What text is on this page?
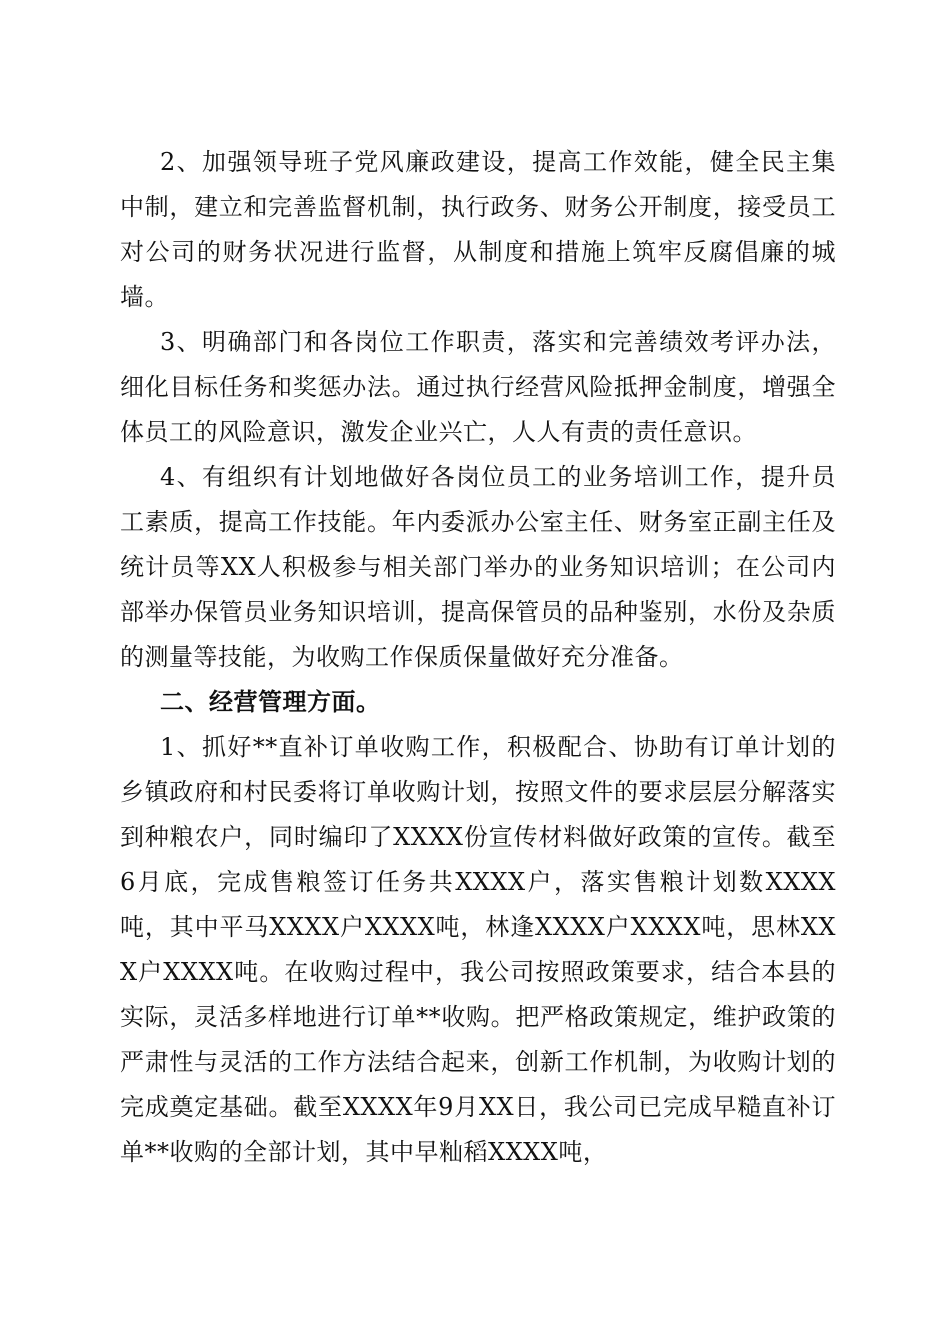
2、加强领导班子党风廉政建设，提高工作效能，健全民主集中制，建立和完善监督机制，执行政务、财务公开制度，接受员工对公司的财务状况进行监督，从制度和措施上筑牢反腐倡廉的城墙。

3、明确部门和各岗位工作职责，落实和完善绩效考评办法，细化目标任务和奖惩办法。通过执行经营风险抵押金制度，增强全体员工的风险意识，激发企业兴亡，人人有责的责任意识。

4、有组织有计划地做好各岗位员工的业务培训工作，提升员工素质，提高工作技能。年内委派办公室主任、财务室正副主任及统计员等XX人积极参与相关部门举办的业务知识培训；在公司内部举办保管员业务知识培训，提高保管员的品种鉴别，水份及杂质的测量等技能，为收购工作保质保量做好充分准备。

二、经营管理方面。

1、抓好**直补订单收购工作，积极配合、协助有订单计划的乡镇政府和村民委将订单收购计划，按照文件的要求层层分解落实到种粮农户，同时编印了XXXX份宣传材料做好政策的宣传。截至6月底，完成售粮签订任务共XXXX户，落实售粮计划数XXXX吨，其中平马XXXX户XXXX吨，林逢XXXX户XXXX吨，思林XXX户XXXX吨。在收购过程中，我公司按照政策要求，结合本县的实际，灵活多样地进行订单**收购。把严格政策规定，维护政策的严肃性与灵活的工作方法结合起来，创新工作机制，为收购计划的完成奠定基础。截至XXXX年9月XX日，我公司已完成早糙直补订单**收购的全部计划，其中早籼稻XXXX吨，
